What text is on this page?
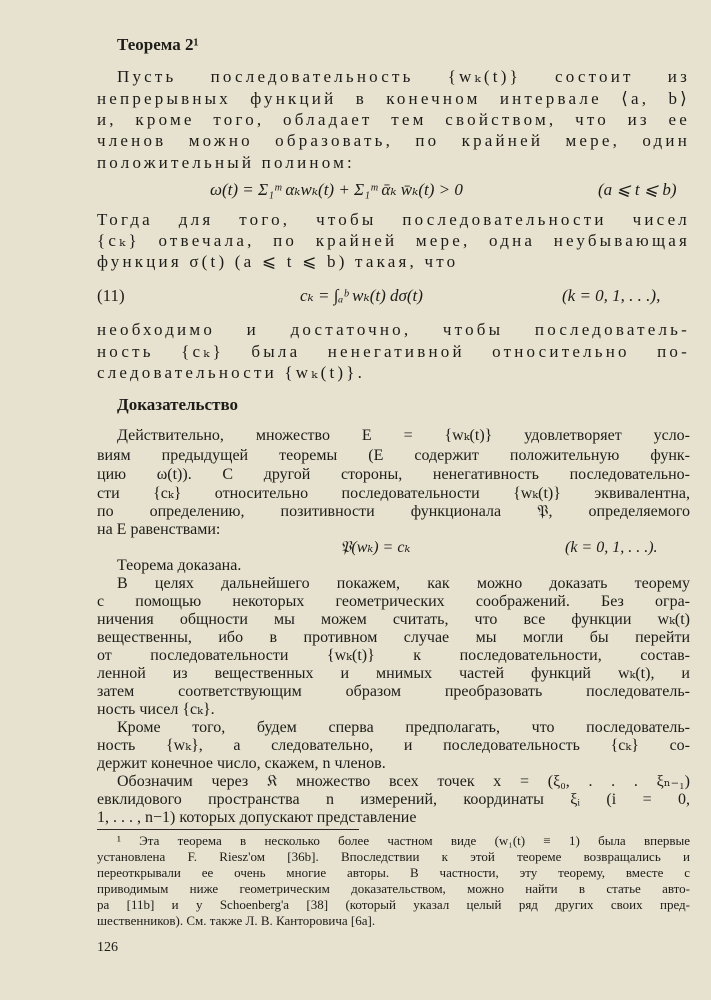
Теорема 2¹
Пусть последовательность {wₖ(t)} состоит из
непрерывных функций в конечном интервале ⟨a, b⟩
и, кроме того, обладает тем свойством, что из ее
членов можно образовать, по крайней мере, один
положительный полином:
ω(t) = Σ₁ᵐ αₖwₖ(t) + Σ₁ᵐ ᾱₖ w̄ₖ(t) > 0	(a ⩽ t ⩽ b)
Тогда для того, чтобы последовательности чисел
{cₖ} отвечала, по крайней мере, одна неубывающая
функция σ(t) (a ⩽ t ⩽ b) такая, что
(11)	cₖ = ∫ₐᵇ wₖ(t) dσ(t)	(k = 0, 1, . . .),
необходимо и достаточно, чтобы последователь-
ность {cₖ} была ненегативной относительно по-
следовательности {wₖ(t)}.
Доказательство
Действительно, множество E = {wₖ(t)} удовлетворяет усло-
виям предыдущей теоремы (E содержит положительную функ-
цию ω(t)). С другой стороны, ненегативность последовательно-
сти {cₖ} относительно последовательности {wₖ(t)} эквивалентна,
по определению, позитивности функционала 𝔓, определяемого
на E равенствами:
𝔓(wₖ) = cₖ	(k = 0, 1, . . .).
Теорема доказана.
В целях дальнейшего покажем, как можно доказать теорему
с помощью некоторых геометрических соображений. Без огра-
ничения общности мы можем считать, что все функции wₖ(t)
вещественны, ибо в противном случае мы могли бы перейти
от последовательности {wₖ(t)} к последовательности, состав-
ленной из вещественных и мнимых частей функций wₖ(t), и
затем соответствующим образом преобразовать последователь-
ность чисел {cₖ}.
Кроме того, будем сперва предполагать, что последователь-
ность {wₖ}, а следовательно, и последовательность {cₖ} со-
держит конечное число, скажем, n членов.
Обозначим через 𝔎 множество всех точек x = (ξ₀, . . . ξₙ₋₁)
евклидового пространства n измерений, координаты ξᵢ (i = 0,
1, . . . , n−1) которых допускают представление
¹ Эта теорема в несколько более частном виде (w₁(t) ≡ 1) была впервые
установлена F. Riesz'ом [36b]. Впоследствии к этой теореме возвращались и
переоткрывали ее очень многие авторы. В частности, эту теорему, вместе с
приводимым ниже геометрическим доказательством, можно найти в статье авто-
ра [11b] и у Schoenberg'a [38] (который указал целый ряд других своих пред-
шественников). См. также Л. В. Канторовича [6a].
126
